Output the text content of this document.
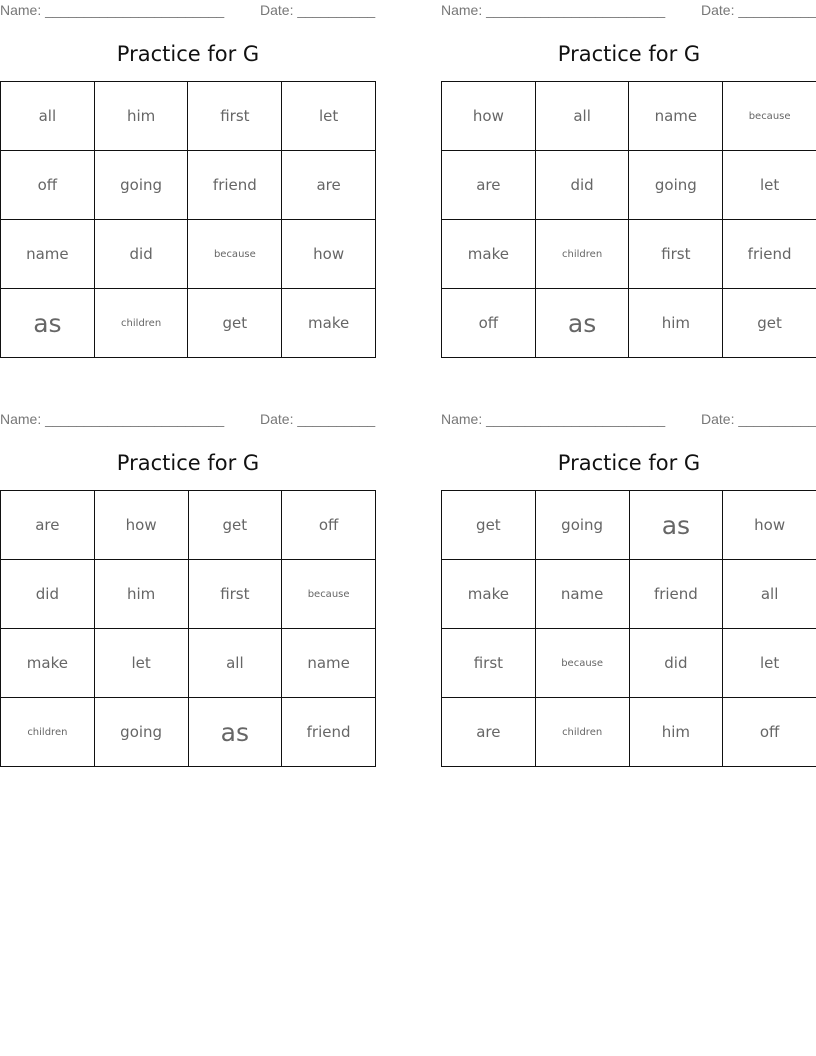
Name: _______________________	Date: __________
Practice for G
all	him	first	let
off	going	friend	are
name	did	because	how
as	children	get	make
Name: _______________________	Date: __________
Practice for G
how	all	name	because
are	did	going	let
make	children	first	friend
off	as	him	get
Name: _______________________	Date: __________
Practice for G
are	how	get	off
did	him	first	because
make	let	all	name
children	going	as	friend
Name: _______________________	Date: __________
Practice for G
get	going	as	how
make	name	friend	all
first	because	did	let
are	children	him	off
